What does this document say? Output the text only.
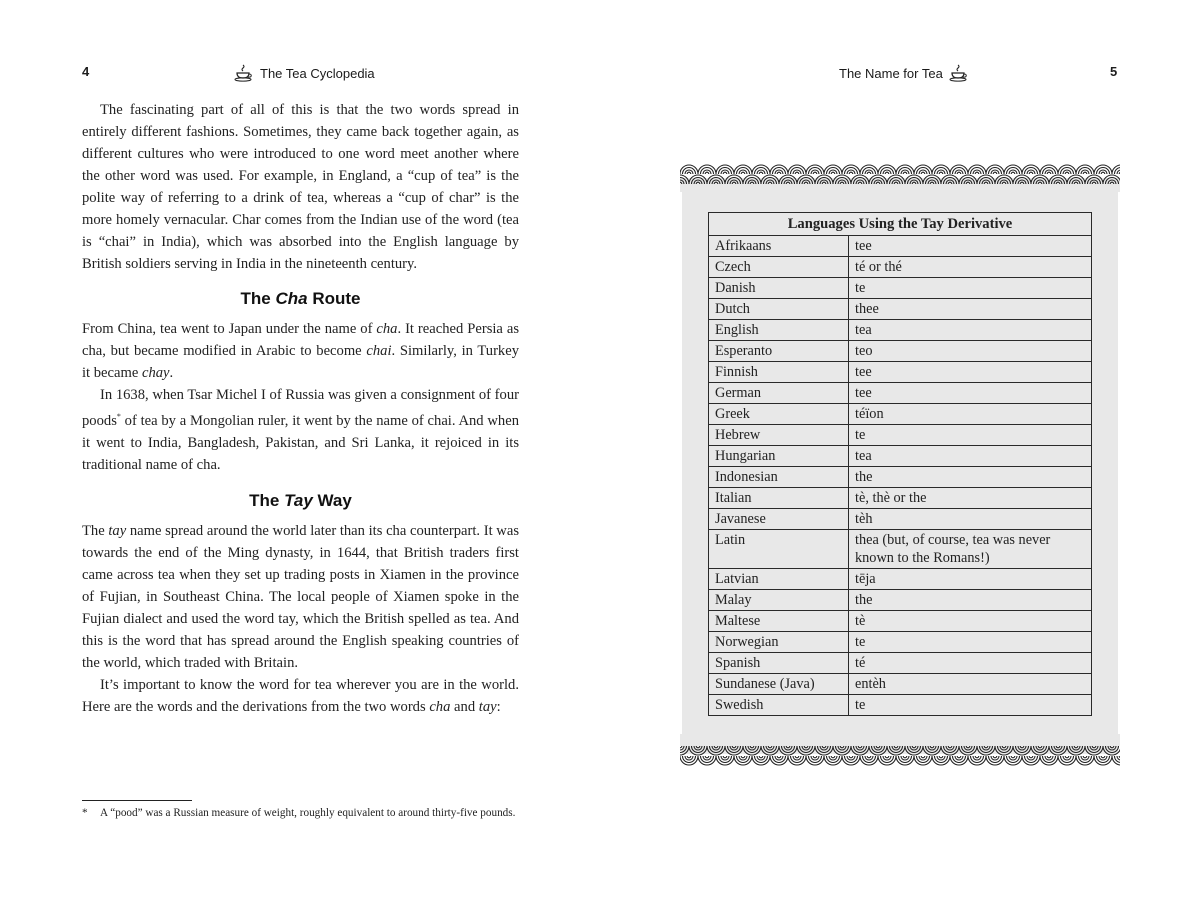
4	The Tea Cyclopedia

The fascinating part of all of this is that the two words spread in entirely different fashions. Sometimes, they came back together again, as different cultures who were introduced to one word meet another where the other word was used. For example, in England, a “cup of tea” is the polite way of referring to a drink of tea, whereas a “cup of char” is the more homely vernacular. Char comes from the Indian use of the word (tea is “chai” in India), which was absorbed into the English language by British soldiers serving in India in the nineteenth century.

The Cha Route

From China, tea went to Japan under the name of cha. It reached Persia as cha, but became modified in Arabic to become chai. Similarly, in Turkey it became chay.

In 1638, when Tsar Michel I of Russia was given a consignment of four poods* of tea by a Mongolian ruler, it went by the name of chai. And when it went to India, Bangladesh, Pakistan, and Sri Lanka, it rejoiced in its traditional name of cha.

The Tay Way

The tay name spread around the world later than its cha counterpart. It was towards the end of the Ming dynasty, in 1644, that British traders first came across tea when they set up trading posts in Xiamen in the province of Fujian, in Southeast China. The local people of Xiamen spoke in the Fujian dialect and used the word tay, which the British spelled as tea. And this is the word that has spread around the English speaking countries of the world, which traded with Britain.

It’s important to know the word for tea wherever you are in the world. Here are the words and the derivations from the two words cha and tay:

*	A “pood” was a Russian measure of weight, roughly equivalent to around thirty-five pounds.
The Name for Tea	5
Languages Using the Tay Derivative	
Afrikaans	tee
Czech	té or thé
Danish	te
Dutch	thee
English	tea
Esperanto	teo
Finnish	tee
German	tee
Greek	téïon
Hebrew	te
Hungarian	tea
Indonesian	the
Italian	tè, thè or the
Javanese	tèh
Latin	thea (but, of course, tea was never known to the Romans!)
Latvian	tēja
Malay	the
Maltese	tè
Norwegian	te
Spanish	té
Sundanese (Java)	entèh
Swedish	te
